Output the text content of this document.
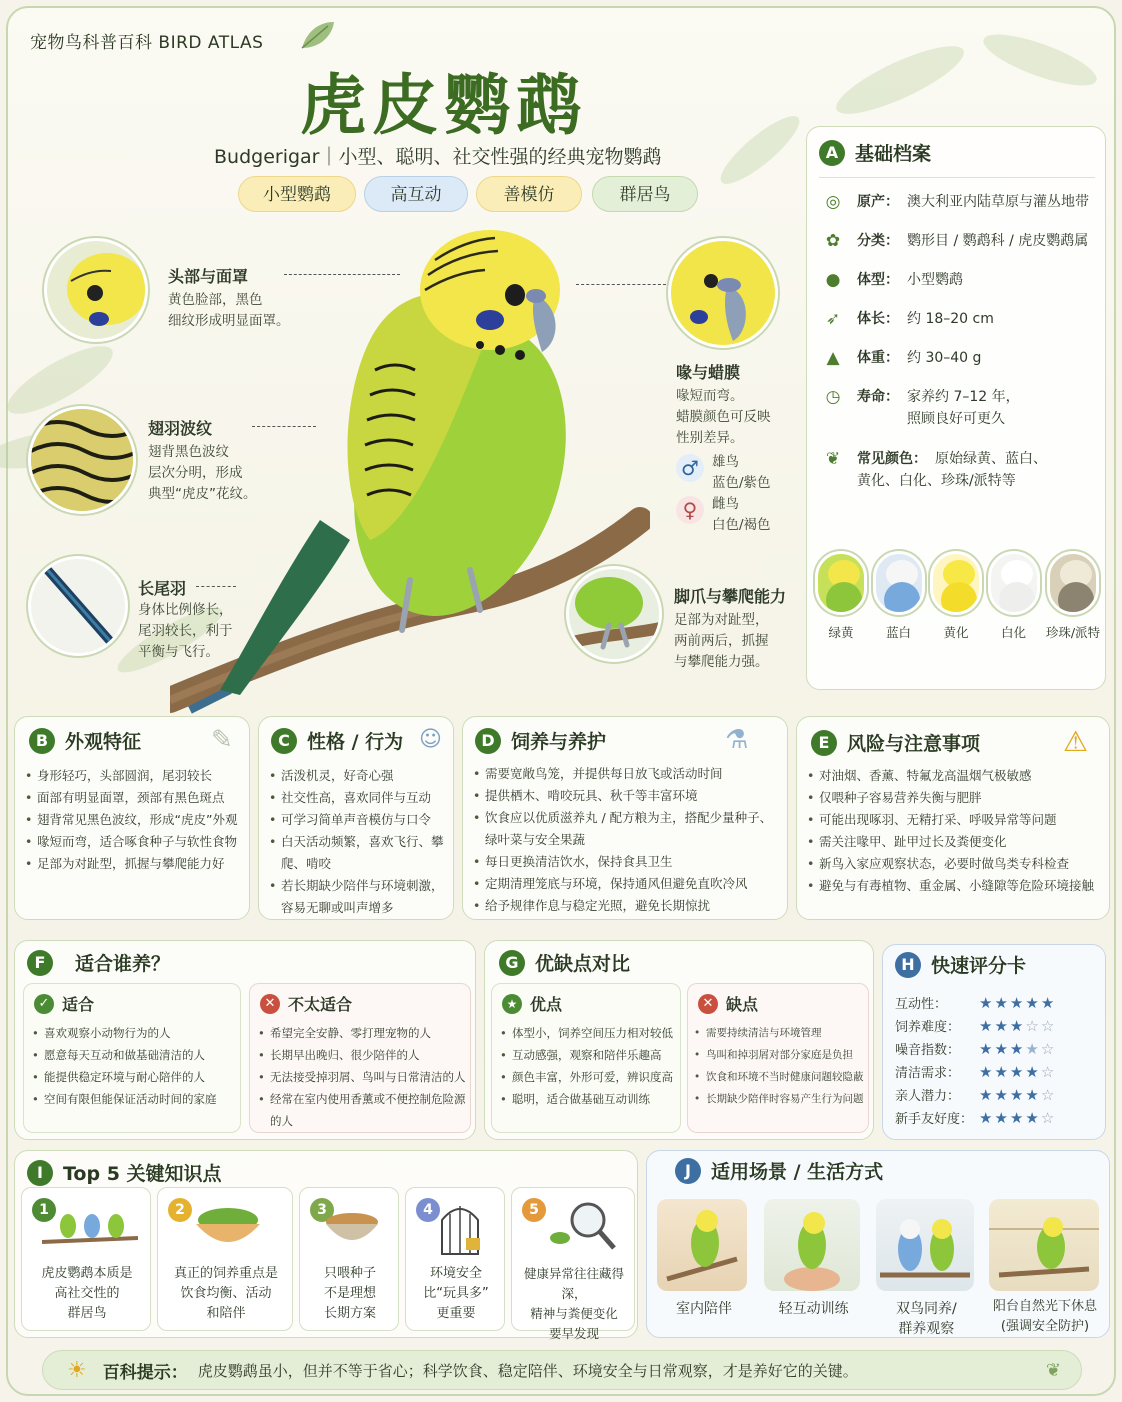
宠物鸟科普百科 BIRD ATLAS
虎皮鹦鹉
Budgerigar｜小型、聪明、社交性强的经典宠物鹦鹉
小型鹦鹉	高互动	善模仿	群居鸟
头部与面罩
黄色脸部，黑色
细纹形成明显面罩。
翅羽波纹
翅背黑色波纹
层次分明，形成
典型“虎皮”花纹。
长尾羽
身体比例修长，
尾羽较长，利于
平衡与飞行。
喙与蜡膜
喙短而弯。
蜡膜颜色可反映
性别差异。
♂ 雄鸟
蓝色/紫色
♀	雌鸟
白色/褐色
脚爪与攀爬能力
足部为对趾型，
两前两后，抓握
与攀爬能力强。
A 基础档案
◎	原产： 澳大利亚内陆草原与灌丛地带
✿	分类： 鹦形目 / 鹦鹉科 / 虎皮鹦鹉属
●	体型： 小型鹦鹉
➶	体长： 约 18–20 cm
▲	体重： 约 30–40 g
◷	寿命： 家养约 7–12 年，
照顾良好可更久
❦	常见颜色： 原始绿黄、蓝白、
黄化、白化、珍珠/派特等
绿黄	蓝白	黄化	白化	珍珠/派特
B 外观特征	✎
• 身形轻巧，头部圆润，尾羽较长
• 面部有明显面罩，颈部有黑色斑点
• 翅背常见黑色波纹，形成“虎皮”外观
• 喙短而弯，适合啄食种子与软性食物
• 足部为对趾型，抓握与攀爬能力好
C 性格 / 行为 ☺
• 活泼机灵，好奇心强
• 社交性高，喜欢同伴与互动
• 可学习简单声音模仿与口令
• 白天活动频繁，喜欢飞行、攀爬、啃咬
• 若长期缺少陪伴与环境刺激，容易无聊或叫声增多
D 饲养与养护	⚗
• 需要宽敞鸟笼，并提供每日放飞或活动时间
• 提供栖木、啃咬玩具、秋千等丰富环境
• 饮食应以优质滋养丸 / 配方粮为主，搭配少量种子、绿叶菜与安全果蔬
• 每日更换清洁饮水，保持食具卫生
• 定期清理笼底与环境，保持通风但避免直吹冷风
• 给予规律作息与稳定光照，避免长期惊扰
E 风险与注意事项	⚠
• 对油烟、香薰、特氟龙高温烟气极敏感
• 仅喂种子容易营养失衡与肥胖
• 可能出现啄羽、无精打采、呼吸异常等问题
• 需关注喙甲、趾甲过长及粪便变化
• 新鸟入家应观察状态，必要时做鸟类专科检查
• 避免与有毒植物、重金属、小缝隙等危险环境接触
F	适合谁养？
✓ 适合
• 喜欢观察小动物行为的人
• 愿意每天互动和做基础清洁的人
• 能提供稳定环境与耐心陪伴的人
• 空间有限但能保证活动时间的家庭
✕ 不太适合
• 希望完全安静、零打理宠物的人
• 长期早出晚归、很少陪伴的人
• 无法接受掉羽屑、鸟叫与日常清洁的人
• 经常在室内使用香薰或不便控制危险源的人
G 优缺点对比
★ 优点
• 体型小，饲养空间压力相对较低
• 互动感强，观察和陪伴乐趣高
• 颜色丰富，外形可爱，辨识度高
• 聪明，适合做基础互动训练
✕ 缺点
• 需要持续清洁与环境管理
• 鸟叫和掉羽屑对部分家庭是负担
• 饮食和环境不当时健康问题较隐蔽
• 长期缺少陪伴时容易产生行为问题
H 快速评分卡
互动性：	★ ★ ★ ★ ★
饲养难度：	★ ★ ★ ☆ ☆
噪音指数：	★ ★ ★ ★ ☆
清洁需求：	★ ★ ★ ★ ☆
亲人潜力：	★ ★ ★ ★ ☆
新手友好度： ★ ★ ★ ★ ☆
I	Top 5 关键知识点
1
虎皮鹦鹉本质是
高社交性的
群居鸟
2
真正的饲养重点是
饮食均衡、活动
和陪伴
3
只喂种子
不是理想
长期方案
4
环境安全
比“玩具多”
更重要
5
健康异常往往藏得深，
精神与粪便变化
要早发现
J	适用场景 / 生活方式
室内陪伴	轻互动训练	双鸟同养/
群养观察
阳台自然光下休息
(强调安全防护)
☀ 百科提示： 虎皮鹦鹉虽小，但并不等于省心；科学饮食、稳定陪伴、环境安全与日常观察，才是养好它的关键。	❦
